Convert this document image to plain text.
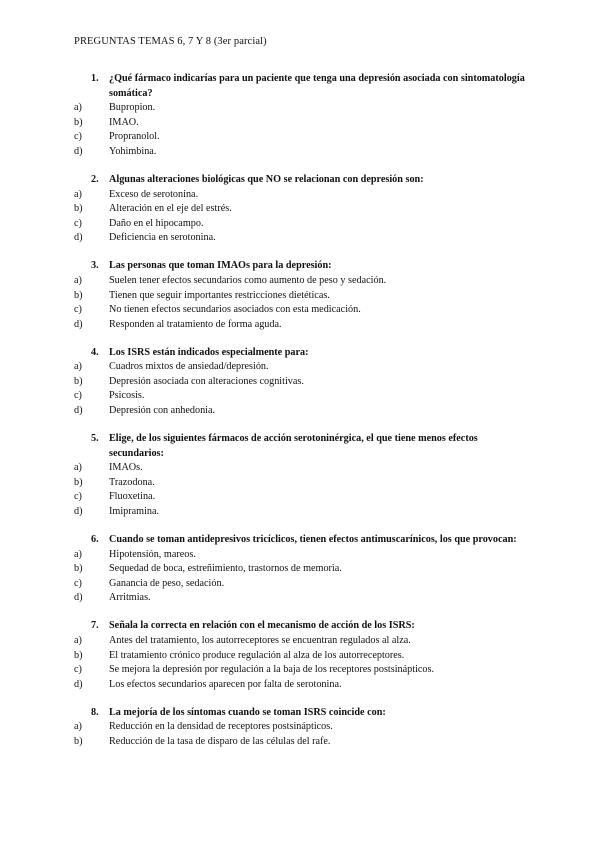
PREGUNTAS TEMAS 6, 7 Y 8 (3er parcial)
1.	¿Qué fármaco indicarías para un paciente que tenga una depresión asociada con sintomatología somática?
a)	Bupropion.
b)	IMAO.
c)	Propranolol.
d)	Yohimbina.
2.	Algunas alteraciones biológicas que NO se relacionan con depresión son:
a)	Exceso de serotonina.
b)	Alteración en el eje del estrés.
c)	Daño en el hipocampo.
d)	Deficiencia en serotonina.
3.	Las personas que toman IMAOs para la depresión:
a)	Suelen tener efectos secundarios como aumento de peso y sedación.
b)	Tienen que seguir importantes restricciones dietéticas.
c)	No tienen efectos secundarios asociados con esta medicación.
d)	Responden al tratamiento de forma aguda.
4.	Los ISRS están indicados especialmente para:
a)	Cuadros mixtos de ansiedad/depresión.
b)	Depresión asociada con alteraciones cognitivas.
c)	Psicosis.
d)	Depresión con anhedonia.
5.	Elige, de los siguientes fármacos de acción serotoninérgica, el que tiene menos efectos secundarios:
a)	IMAOs.
b)	Trazodona.
c)	Fluoxetina.
d)	Imipramina.
6.	Cuando se toman antidepresivos tricíclicos, tienen efectos antimuscarínicos, los que provocan:
a)	Hipotensión, mareos.
b)	Sequedad de boca, estreñimiento, trastornos de memoria.
c)	Ganancia de peso, sedación.
d)	Arritmias.
7.	Señala la correcta en relación con el mecanismo de acción de los ISRS:
a)	Antes del tratamiento, los autorreceptores se encuentran regulados al alza.
b)	El tratamiento crónico produce regulación al alza de los autorreceptores.
c)	Se mejora la depresión por regulación a la baja de los receptores postsinápticos.
d)	Los efectos secundarios aparecen por falta de serotonina.
8.	La mejoría de los síntomas cuando se toman ISRS coincide con:
a)	Reducción en la densidad de receptores postsinápticos.
b)	Reducción de la tasa de disparo de las células del rafe.
